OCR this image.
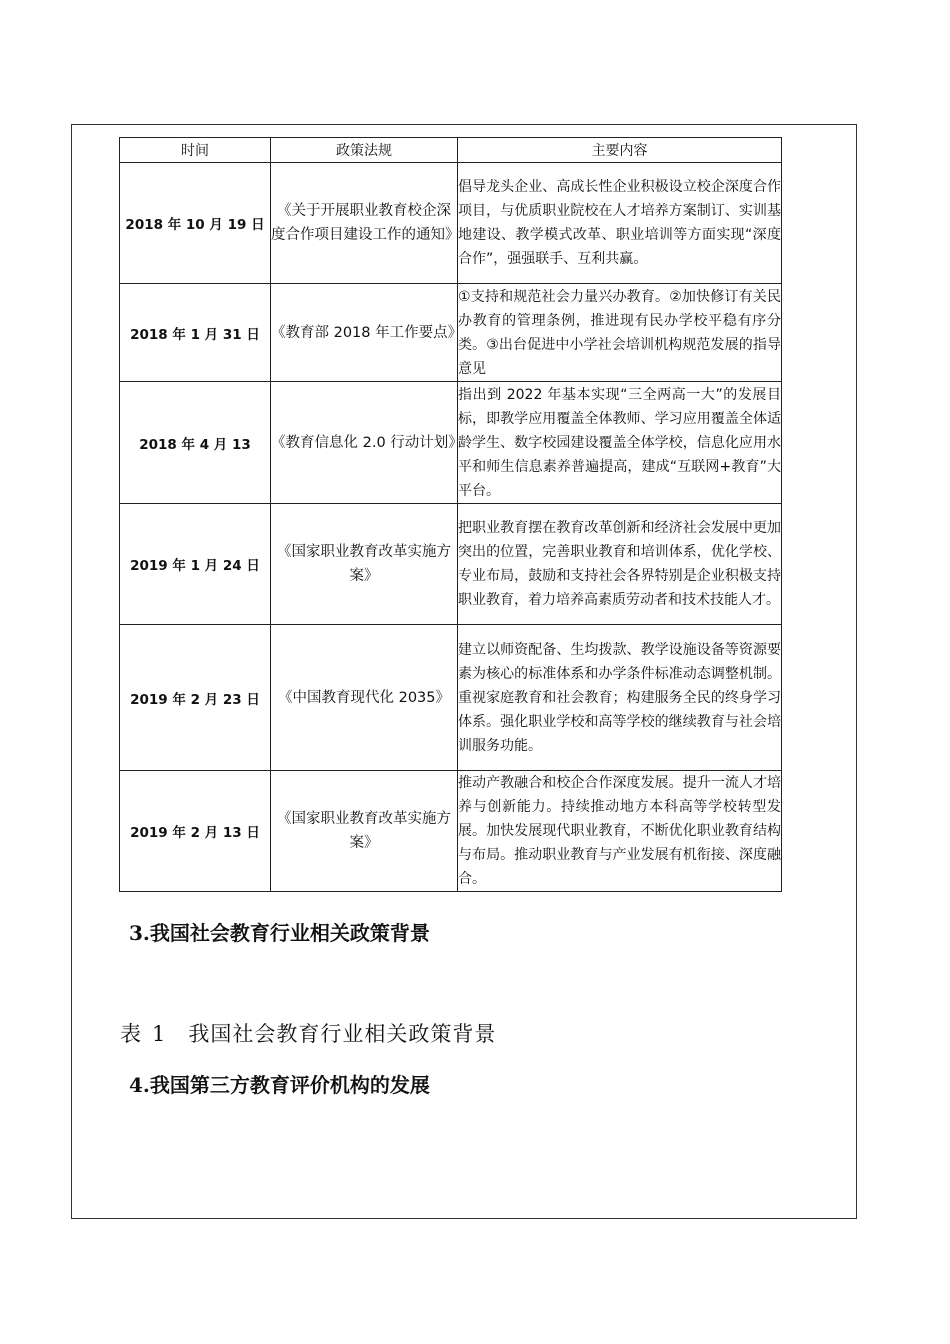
时间	政策法规	主要内容
2018 年 10 月 19 日	《关于开展职业教育校企深度合作项目建设工作的通知》	倡导龙头企业、高成长性企业积极设立校企深度合作项目，与优质职业院校在人才培养方案制订、实训基地建设、教学模式改革、职业培训等方面实现“深度合作”，强强联手、互利共赢。
2018 年 1 月 31 日	《教育部 2018 年工作要点》	①支持和规范社会力量兴办教育。②加快修订有关民办教育的管理条例，推进现有民办学校平稳有序分类。③出台促进中小学社会培训机构规范发展的指导意见
2018 年 4 月 13	《教育信息化 2.0 行动计划》	指出到 2022 年基本实现“三全两高一大”的发展目标，即教学应用覆盖全体教师、学习应用覆盖全体适龄学生、数字校园建设覆盖全体学校，信息化应用水平和师生信息素养普遍提高，建成“互联网+教育”大平台。
2019 年 1 月 24 日	《国家职业教育改革实施方案》	把职业教育摆在教育改革创新和经济社会发展中更加突出的位置，完善职业教育和培训体系，优化学校、专业布局，鼓励和支持社会各界特别是企业积极支持职业教育，着力培养高素质劳动者和技术技能人才。
2019 年 2 月 23 日	《中国教育现代化 2035》	建立以师资配备、生均拨款、教学设施设备等资源要素为核心的标准体系和办学条件标准动态调整机制。重视家庭教育和社会教育；构建服务全民的终身学习体系。强化职业学校和高等学校的继续教育与社会培训服务功能。
2019 年 2 月 13 日	《国家职业教育改革实施方案》	推动产教融合和校企合作深度发展。提升一流人才培养与创新能力。持续推动地方本科高等学校转型发展。加快发展现代职业教育，不断优化职业教育结构与布局。推动职业教育与产业发展有机衔接、深度融合。
3.我国社会教育行业相关政策背景
表 1 我国社会教育行业相关政策背景
4.我国第三方教育评价机构的发展
